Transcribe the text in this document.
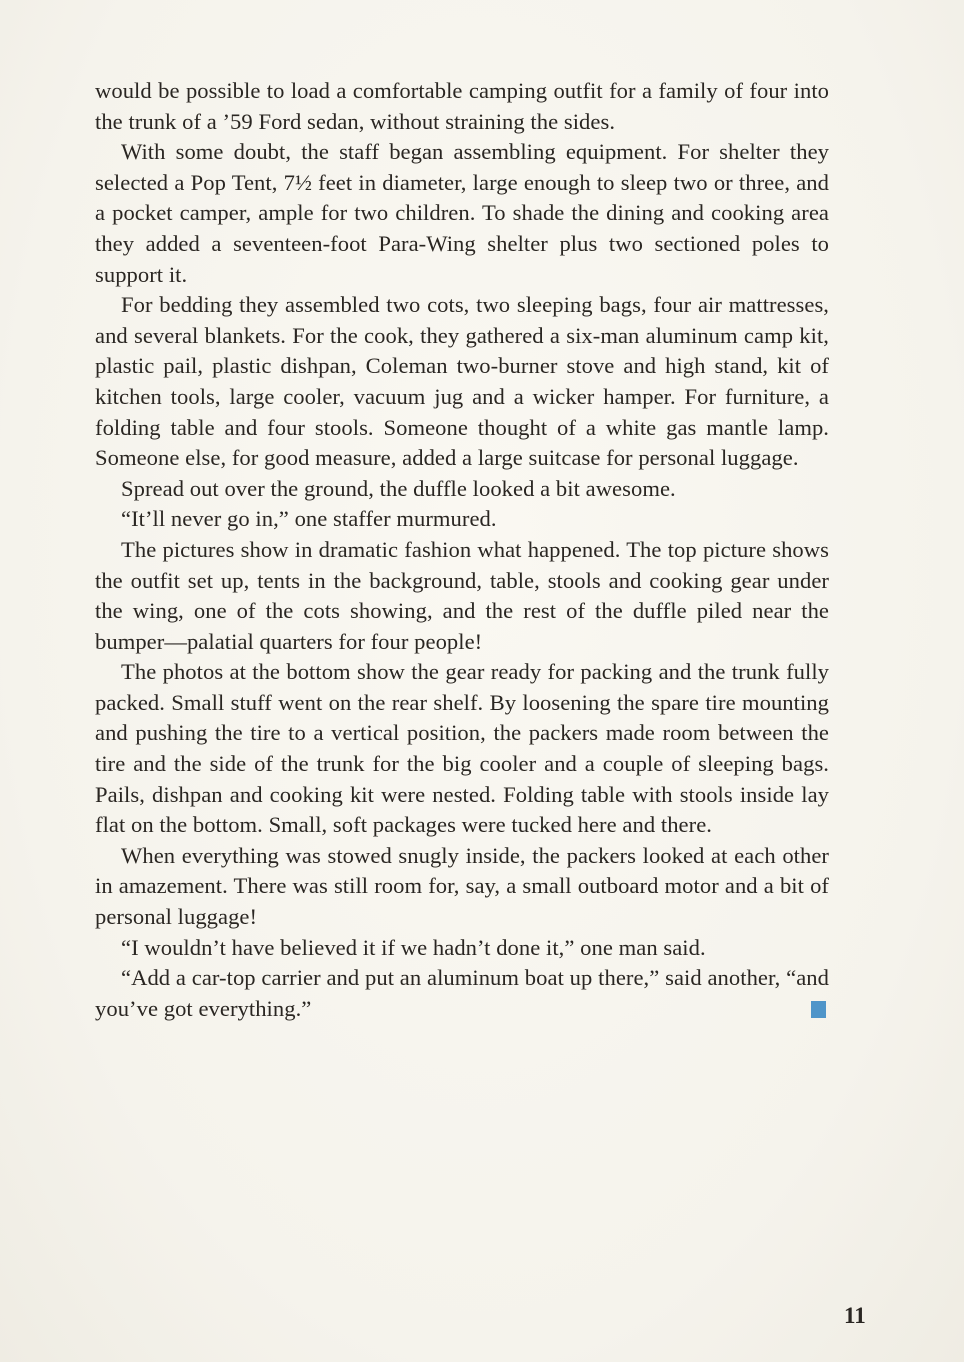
would be possible to load a comfortable camping outfit for a family of four into the trunk of a ’59 Ford sedan, without straining the sides.

With some doubt, the staff began assembling equipment. For shelter they selected a Pop Tent, 7½ feet in diameter, large enough to sleep two or three, and a pocket camper, ample for two children. To shade the dining and cooking area they added a seventeen-foot Para-Wing shelter plus two sectioned poles to support it.

For bedding they assembled two cots, two sleeping bags, four air mattresses, and several blankets. For the cook, they gathered a six-man aluminum camp kit, plastic pail, plastic dishpan, Coleman two-burner stove and high stand, kit of kitchen tools, large cooler, vacuum jug and a wicker hamper. For furniture, a folding table and four stools. Someone thought of a white gas mantle lamp. Someone else, for good measure, added a large suitcase for personal luggage.

Spread out over the ground, the duffle looked a bit awesome.

“It’ll never go in,” one staffer murmured.

The pictures show in dramatic fashion what happened. The top picture shows the outfit set up, tents in the background, table, stools and cooking gear under the wing, one of the cots showing, and the rest of the duffle piled near the bumper—palatial quarters for four people!

The photos at the bottom show the gear ready for packing and the trunk fully packed. Small stuff went on the rear shelf. By loosening the spare tire mounting and pushing the tire to a vertical position, the packers made room between the tire and the side of the trunk for the big cooler and a couple of sleeping bags. Pails, dishpan and cooking kit were nested. Folding table with stools inside lay flat on the bottom. Small, soft packages were tucked here and there.

When everything was stowed snugly inside, the packers looked at each other in amazement. There was still room for, say, a small outboard motor and a bit of personal luggage!

“I wouldn’t have believed it if we hadn’t done it,” one man said.

“Add a car-top carrier and put an aluminum boat up there,” said another, “and you’ve got everything.”

11
